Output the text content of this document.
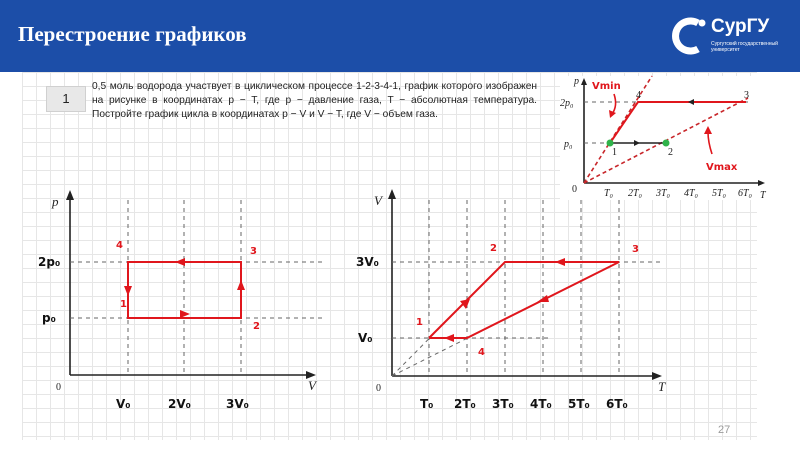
Перестроение графиков	СурГУ
Сургутский государственный университет
1
0,5 моль водорода участвует в циклическом процессе 1-2-3-4-1, график которого изображен на рисунке в координатах p − T, где p − давление газа, T − абсолютная температура. Постройте график цикла в координатах p − V и V − T, где V − объем газа.
p
V
0
2p₀
p₀
V₀	2V₀	3V₀
1
2
3
4
V
T
0
3V₀
V₀
T₀ 2T₀ 3T₀ 4T₀ 5T₀ 6T₀
1
2	3
4
p
T
0
2p₀
p₀
T₀ 2T₀ 3T₀ 4T₀ 5T₀ 6T₀
1	2
3
4
Vmin
Vmax
27
